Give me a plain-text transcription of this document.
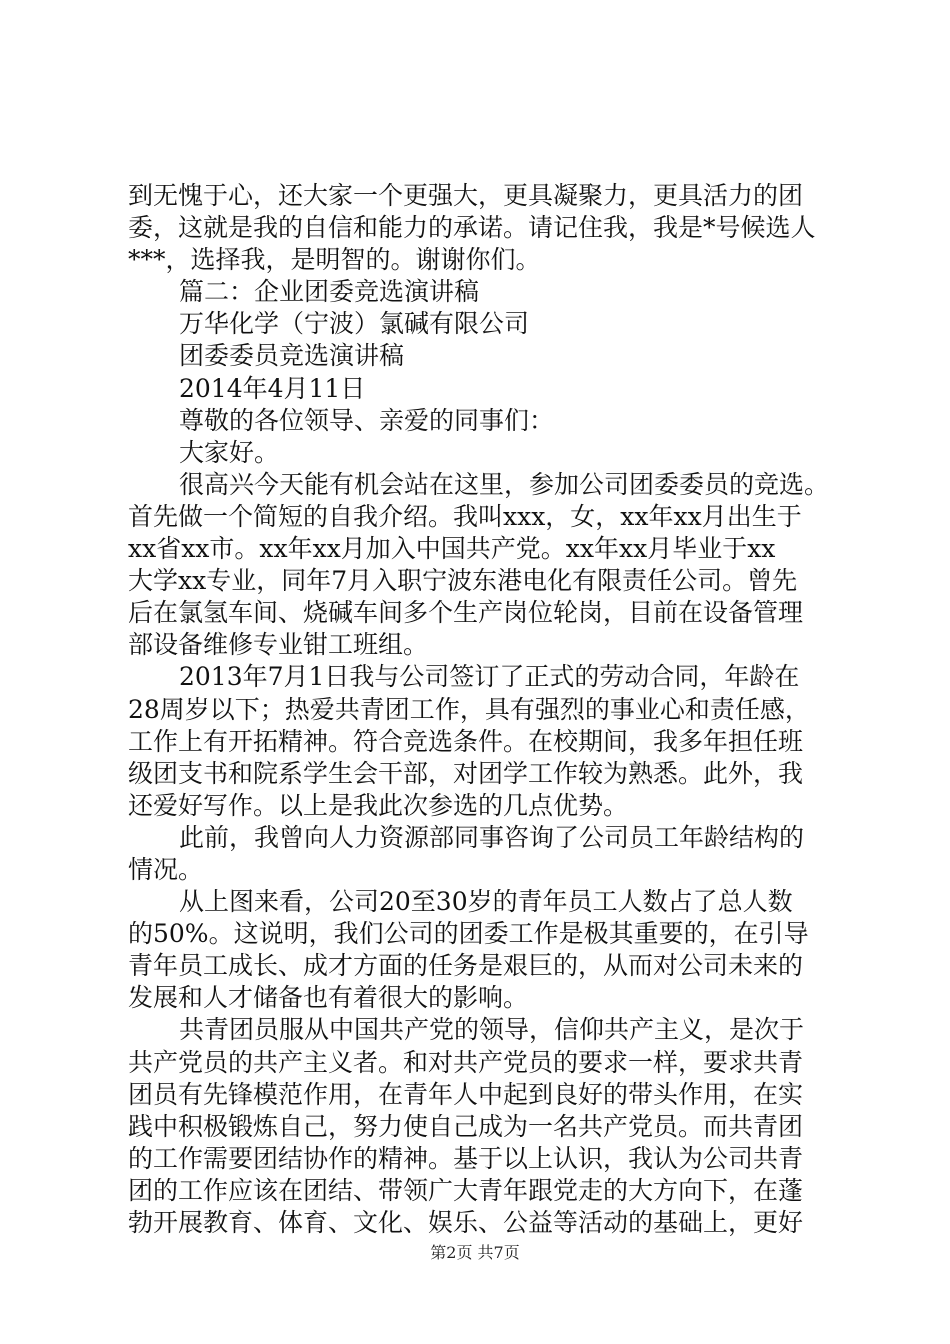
到无愧于心，还大家一个更强大，更具凝聚力，更具活力的团
委，这就是我的自信和能力的承诺。请记住我，我是*号候选人
***，选择我，是明智的。谢谢你们。
篇二：企业团委竞选演讲稿
万华化学（宁波）氯碱有限公司
团委委员竞选演讲稿
2014年4月11日
尊敬的各位领导、亲爱的同事们：
大家好。
很高兴今天能有机会站在这里，参加公司团委委员的竞选。
首先做一个简短的自我介绍。我叫xxx，女，xx年xx月出生于
xx省xx市。xx年xx月加入中国共产党。xx年xx月毕业于xx
大学xx专业，同年7月入职宁波东港电化有限责任公司。曾先
后在氯氢车间、烧碱车间多个生产岗位轮岗，目前在设备管理
部设备维修专业钳工班组。
2013年7月1日我与公司签订了正式的劳动合同，年龄在
28周岁以下；热爱共青团工作，具有强烈的事业心和责任感，
工作上有开拓精神。符合竞选条件。在校期间，我多年担任班
级团支书和院系学生会干部，对团学工作较为熟悉。此外，我
还爱好写作。以上是我此次参选的几点优势。
此前，我曾向人力资源部同事咨询了公司员工年龄结构的
情况。
从上图来看，公司20至30岁的青年员工人数占了总人数
的50%。这说明，我们公司的团委工作是极其重要的，在引导
青年员工成长、成才方面的任务是艰巨的，从而对公司未来的
发展和人才储备也有着很大的影响。
共青团员服从中国共产党的领导，信仰共产主义，是次于
共产党员的共产主义者。和对共产党员的要求一样，要求共青
团员有先锋模范作用，在青年人中起到良好的带头作用，在实
践中积极锻炼自己，努力使自己成为一名共产党员。而共青团
的工作需要团结协作的精神。基于以上认识，我认为公司共青
团的工作应该在团结、带领广大青年跟党走的大方向下，在蓬
勃开展教育、体育、文化、娱乐、公益等活动的基础上，更好
第2页 共7页
